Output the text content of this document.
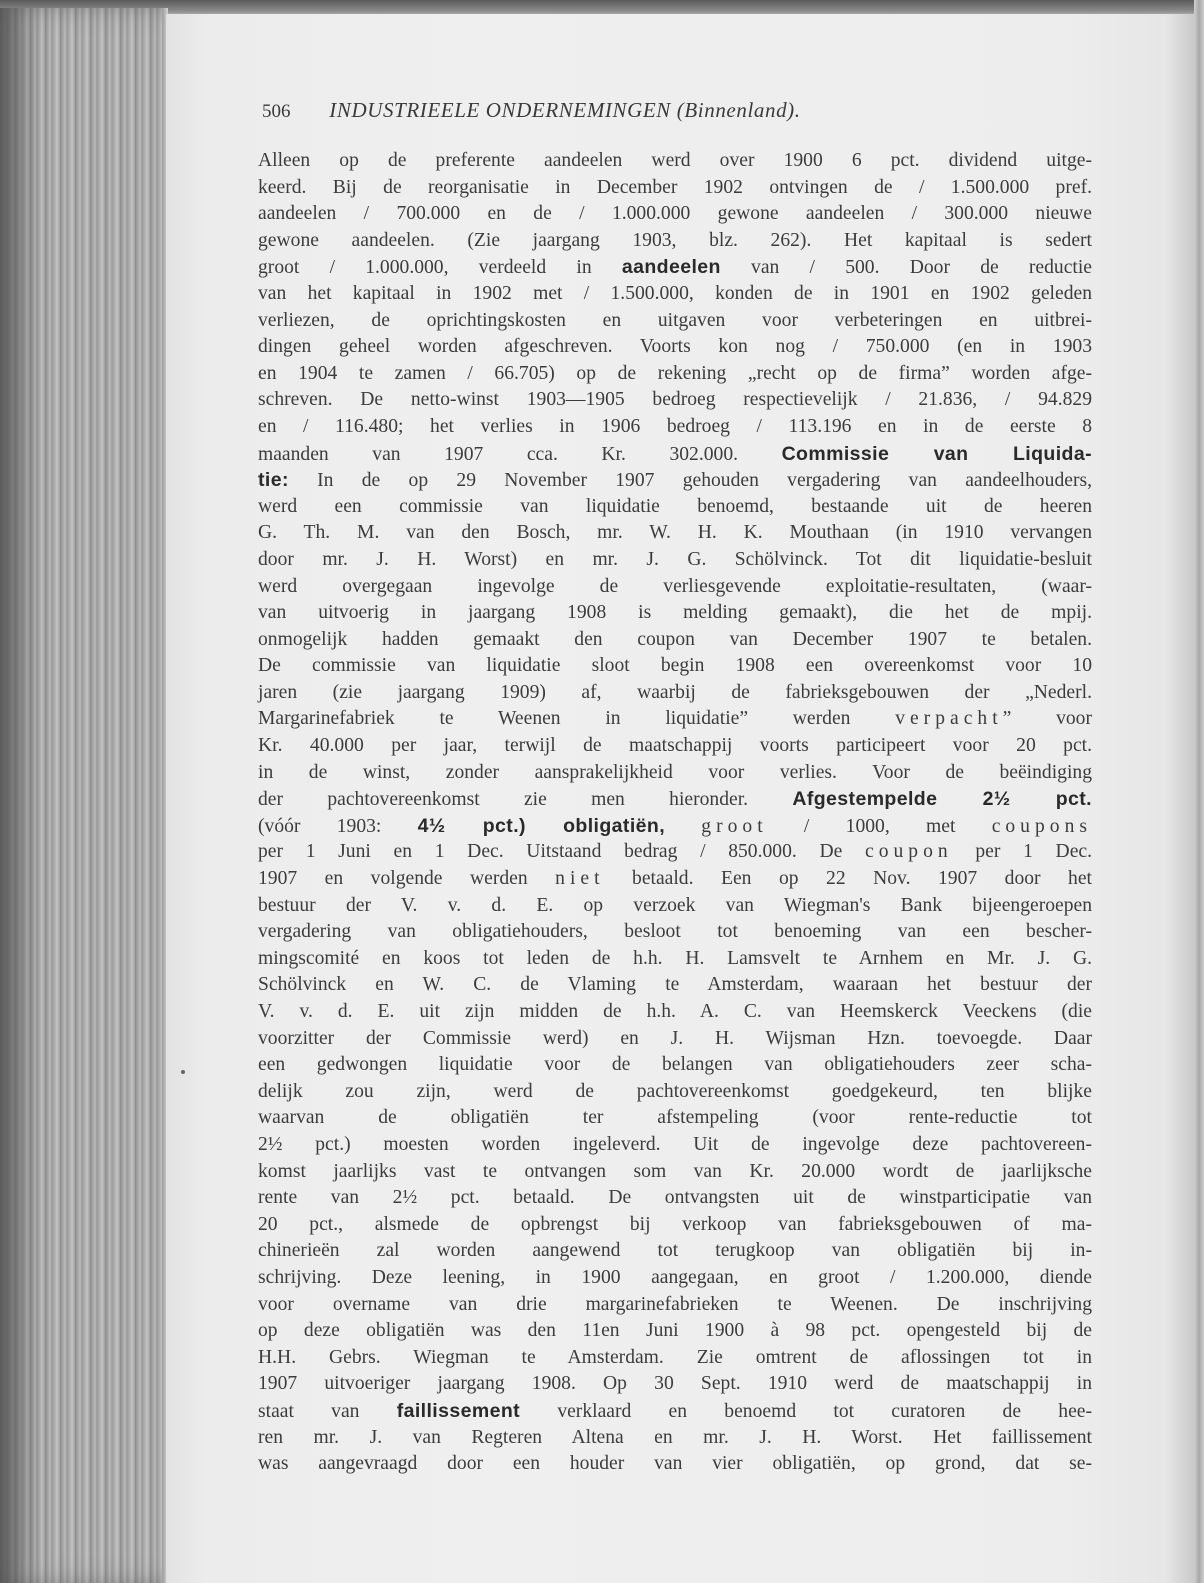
506 INDUSTRIEELE ONDERNEMINGEN (Binnenland).
Alleen op de preferente aandeelen werd over 1900 6 pct. dividend uitge-
keerd. Bij de reorganisatie in December 1902 ontvingen de / 1.500.000 pref.
aandeelen / 700.000 en de / 1.000.000 gewone aandeelen / 300.000 nieuwe
gewone aandeelen. (Zie jaargang 1903, blz. 262). Het kapitaal is sedert
groot / 1.000.000, verdeeld in aandeelen van / 500. Door de reductie
van het kapitaal in 1902 met / 1.500.000, konden de in 1901 en 1902 geleden
verliezen, de oprichtingskosten en uitgaven voor verbeteringen en uitbrei-
dingen geheel worden afgeschreven. Voorts kon nog / 750.000 (en in 1903
en 1904 te zamen / 66.705) op de rekening „recht op de firma” worden afge-
schreven. De netto-winst 1903—1905 bedroeg respectievelijk / 21.836, / 94.829
en / 116.480; het verlies in 1906 bedroeg / 113.196 en in de eerste 8
maanden van 1907 cca. Kr. 302.000. Commissie van Liquida-
tie: In de op 29 November 1907 gehouden vergadering van aandeelhouders,
werd een commissie van liquidatie benoemd, bestaande uit de heeren
G. Th. M. van den Bosch, mr. W. H. K. Mouthaan (in 1910 vervangen
door mr. J. H. Worst) en mr. J. G. Schölvinck. Tot dit liquidatie-besluit
werd overgegaan ingevolge de verliesgevende exploitatie-resultaten, (waar-
van uitvoerig in jaargang 1908 is melding gemaakt), die het de mpij.
onmogelijk hadden gemaakt den coupon van December 1907 te betalen.
De commissie van liquidatie sloot begin 1908 een overeenkomst voor 10
jaren (zie jaargang 1909) af, waarbij de fabrieksgebouwen der „Nederl.
Margarinefabriek te Weenen in liquidatie” werden verpacht” voor
Kr. 40.000 per jaar, terwijl de maatschappij voorts participeert voor 20 pct.
in de winst, zonder aansprakelijkheid voor verlies. Voor de beëindiging
der pachtovereenkomst zie men hieronder. Afgestempelde 2½ pct.
(vóór 1903: 4½ pct.) obligatiën, groot / 1000, met coupons
per 1 Juni en 1 Dec. Uitstaand bedrag / 850.000. De coupon per 1 Dec.
1907 en volgende werden niet betaald. Een op 22 Nov. 1907 door het
bestuur der V. v. d. E. op verzoek van Wiegman's Bank bijeengeroepen
vergadering van obligatiehouders, besloot tot benoeming van een bescher-
mingscomité en koos tot leden de h.h. H. Lamsvelt te Arnhem en Mr. J. G.
Schölvinck en W. C. de Vlaming te Amsterdam, waaraan het bestuur der
V. v. d. E. uit zijn midden de h.h. A. C. van Heemskerck Veeckens (die
voorzitter der Commissie werd) en J. H. Wijsman Hzn. toevoegde. Daar
een gedwongen liquidatie voor de belangen van obligatiehouders zeer scha-
delijk zou zijn, werd de pachtovereenkomst goedgekeurd, ten blijke
waarvan de obligatiën ter afstempeling (voor rente-reductie tot
2½ pct.) moesten worden ingeleverd. Uit de ingevolge deze pachtovereen-
komst jaarlijks vast te ontvangen som van Kr. 20.000 wordt de jaarlijksche
rente van 2½ pct. betaald. De ontvangsten uit de winstparticipatie van
20 pct., alsmede de opbrengst bij verkoop van fabrieksgebouwen of ma-
chinerieën zal worden aangewend tot terugkoop van obligatiën bij in-
schrijving. Deze leening, in 1900 aangegaan, en groot / 1.200.000, diende
voor overname van drie margarinefabrieken te Weenen. De inschrijving
op deze obligatiën was den 11en Juni 1900 à 98 pct. opengesteld bij de
H.H. Gebrs. Wiegman te Amsterdam. Zie omtrent de aflossingen tot in
1907 uitvoeriger jaargang 1908. Op 30 Sept. 1910 werd de maatschappij in
staat van faillissement verklaard en benoemd tot curatoren de hee-
ren mr. J. van Regteren Altena en mr. J. H. Worst. Het faillissement
was aangevraagd door een houder van vier obligatiën, op grond, dat se-
